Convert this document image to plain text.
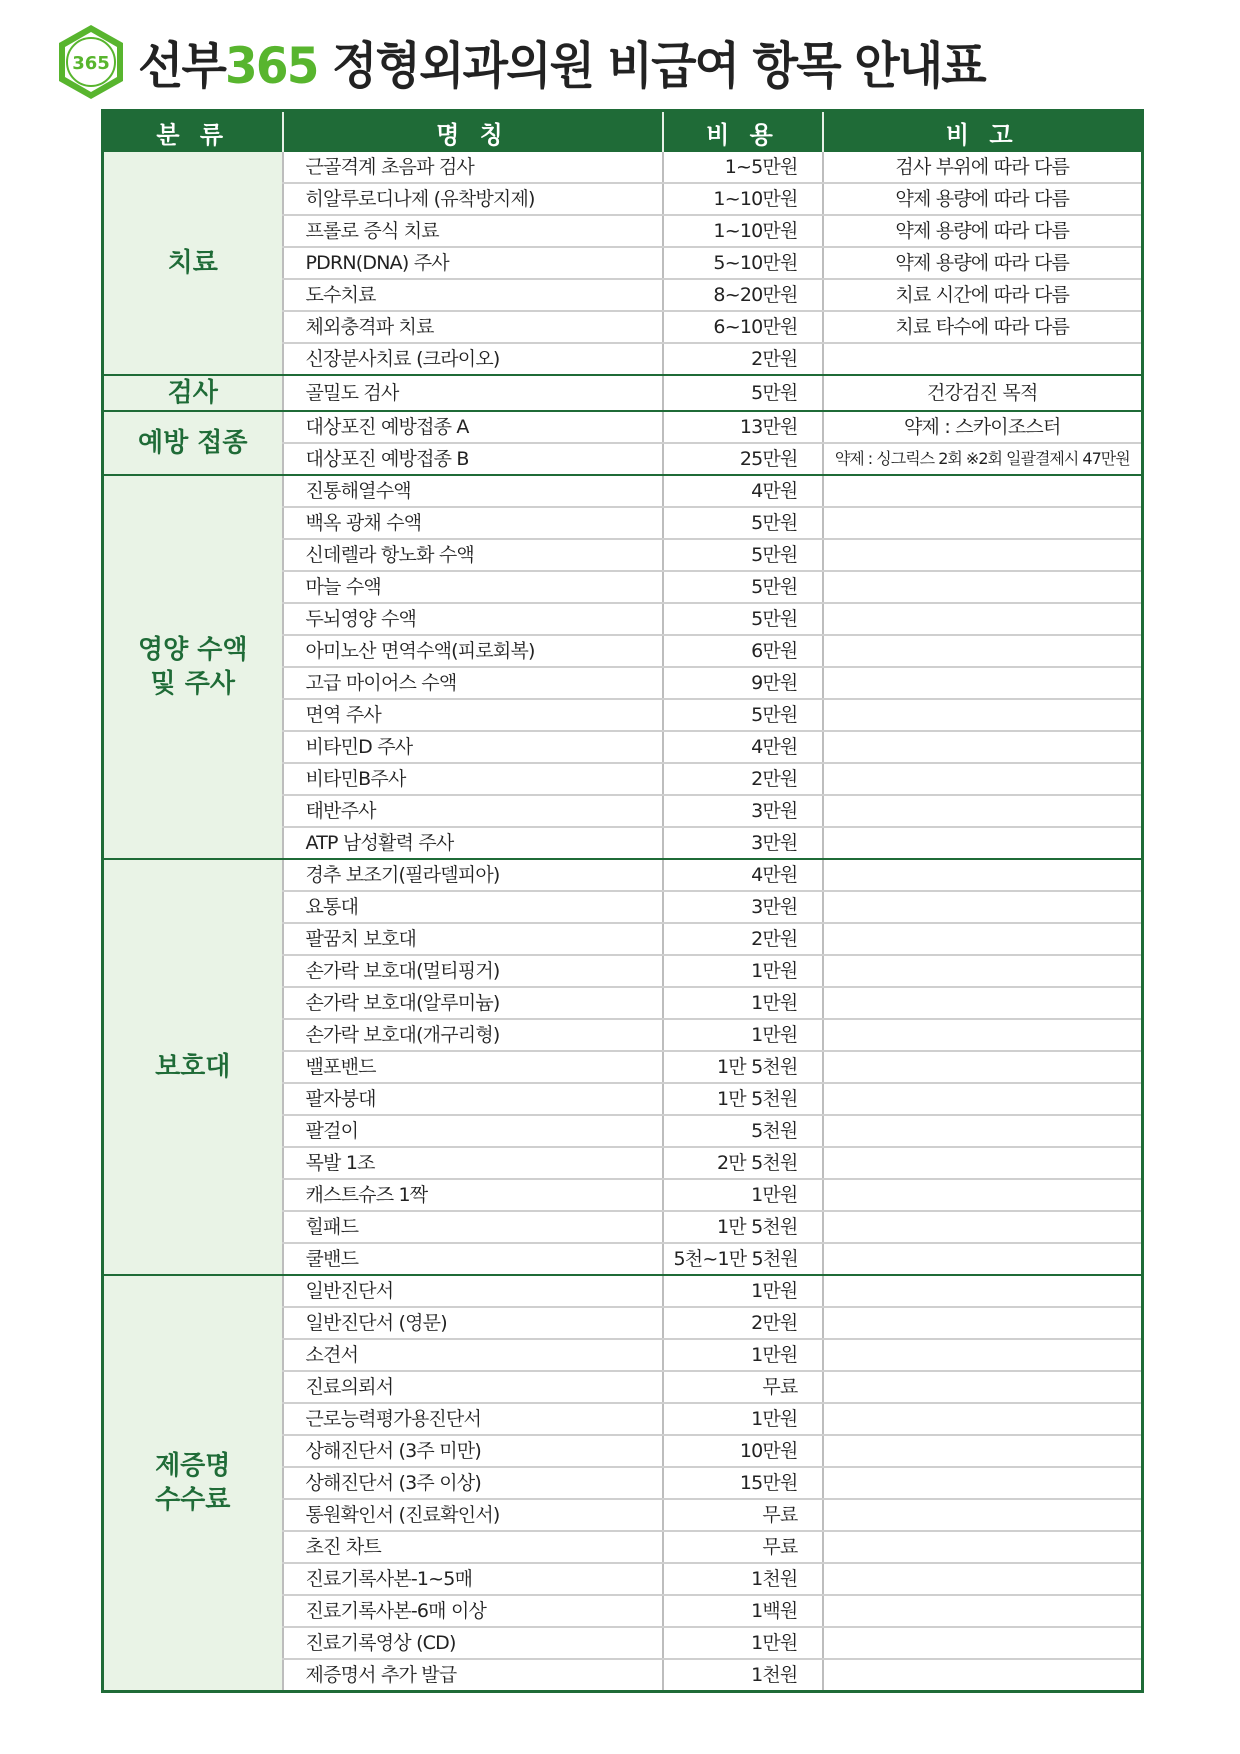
365 선부365 정형외과의원 비급여 항목 안내표
분 류	명 칭	비 용	비 고
치료	근골격계 초음파 검사	1~5만원	검사 부위에 따라 다름
	히알루로디나제 (유착방지제)	1~10만원	약제 용량에 따라 다름
	프롤로 증식 치료	1~10만원	약제 용량에 따라 다름
	PDRN(DNA) 주사	5~10만원	약제 용량에 따라 다름
	도수치료	8~20만원	치료 시간에 따라 다름
	체외충격파 치료	6~10만원	치료 타수에 따라 다름
	신장분사치료 (크라이오)	2만원	
검사	골밀도 검사	5만원	건강검진 목적
예방 접종	대상포진 예방접종 A	13만원	약제 : 스카이조스터
	대상포진 예방접종 B	25만원	약제 : 싱그릭스 2회 ※2회 일괄결제시 47만원
영양 수액
및 주사	진통해열수액	4만원	
	백옥 광채 수액	5만원	
	신데렐라 항노화 수액	5만원	
	마늘 수액	5만원	
	두뇌영양 수액	5만원	
	아미노산 면역수액(피로회복)	6만원	
	고급 마이어스 수액	9만원	
	면역 주사	5만원	
	비타민D 주사	4만원	
	비타민B주사	2만원	
	태반주사	3만원	
	ATP 남성활력 주사	3만원	
보호대	경추 보조기(필라델피아)	4만원	
	요통대	3만원	
	팔꿈치 보호대	2만원	
	손가락 보호대(멀티핑거)	1만원	
	손가락 보호대(알루미늄)	1만원	
	손가락 보호대(개구리형)	1만원	
	밸포밴드	1만 5천원	
	팔자붕대	1만 5천원	
	팔걸이	5천원	
	목발 1조	2만 5천원	
	캐스트슈즈 1짝	1만원	
	힐패드	1만 5천원	
	쿨밴드	5천~1만 5천원	
제증명
수수료	일반진단서	1만원	
	일반진단서 (영문)	2만원	
	소견서	1만원	
	진료의뢰서	무료	
	근로능력평가용진단서	1만원	
	상해진단서 (3주 미만)	10만원	
	상해진단서 (3주 이상)	15만원	
	통원확인서 (진료확인서)	무료	
	초진 차트	무료	
	진료기록사본-1~5매	1천원	
	진료기록사본-6매 이상	1백원	
	진료기록영상 (CD)	1만원	
	제증명서 추가 발급	1천원	
